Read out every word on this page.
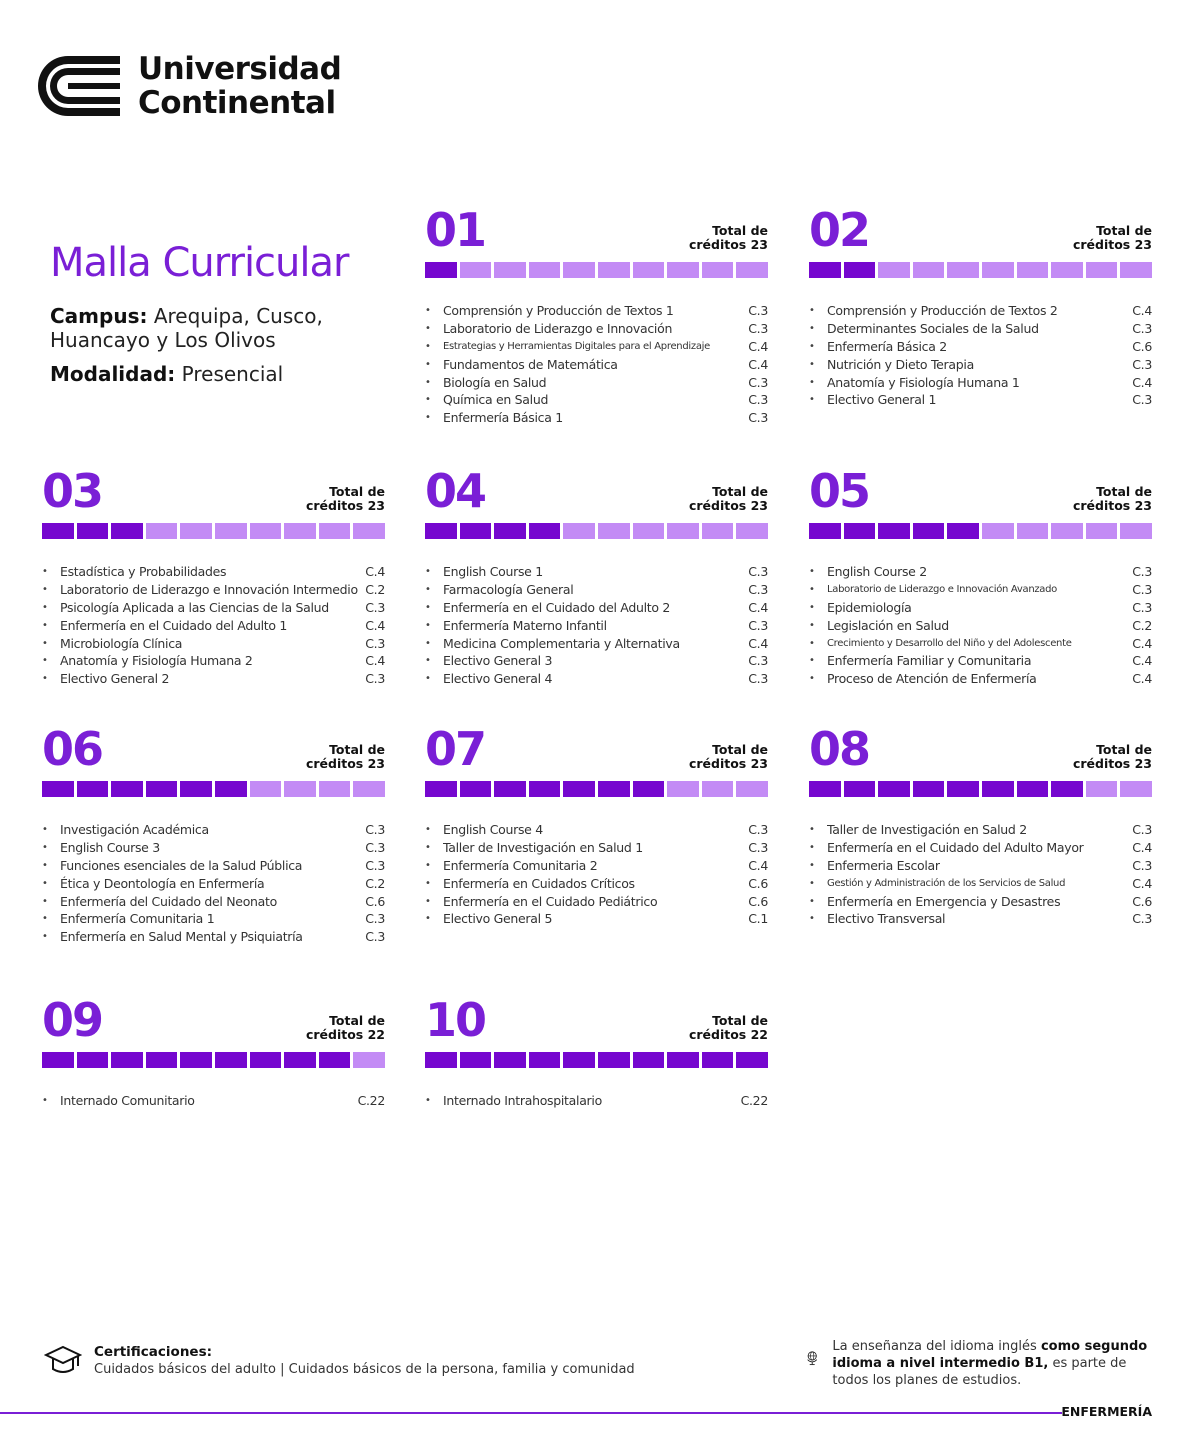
Universidad
Continental
Malla Curricular

Campus: Arequipa, Cusco, Huancayo y Los Olivos

Modalidad: Presencial

01	Total de
créditos 23
• Comprensión y Producción de Textos 1	C.3
• Laboratorio de Liderazgo e Innovación	C.3
• Estrategias y Herramientas Digitales para el Aprendizaje	C.4
• Fundamentos de Matemática	C.4
• Biología en Salud	C.3
• Química en Salud	C.3
• Enfermería Básica 1	C.3
02	Total de
créditos 23
• Comprensión y Producción de Textos 2	C.4
• Determinantes Sociales de la Salud	C.3
• Enfermería Básica 2	C.6
• Nutrición y Dieto Terapia	C.3
• Anatomía y Fisiología Humana 1	C.4
• Electivo General 1	C.3
03	Total de
créditos 23
• Estadística y Probabilidades	C.4
• Laboratorio de Liderazgo e Innovación Intermedio C.2
• Psicología Aplicada a las Ciencias de la Salud	C.3
• Enfermería en el Cuidado del Adulto 1	C.4
• Microbiología Clínica	C.3
• Anatomía y Fisiología Humana 2	C.4
• Electivo General 2	C.3
04	Total de
créditos 23
• English Course 1	C.3
• Farmacología General	C.3
• Enfermería en el Cuidado del Adulto 2	C.4
• Enfermería Materno Infantil	C.3
• Medicina Complementaria y Alternativa	C.4
• Electivo General 3	C.3
• Electivo General 4	C.3
05	Total de
créditos 23
• English Course 2	C.3
• Laboratorio de Liderazgo e Innovación Avanzado	C.3
• Epidemiología	C.3
• Legislación en Salud	C.2
• Crecimiento y Desarrollo del Niño y del Adolescente	C.4
• Enfermería Familiar y Comunitaria	C.4
• Proceso de Atención de Enfermería	C.4
06	Total de
créditos 23
• Investigación Académica	C.3
• English Course 3	C.3
• Funciones esenciales de la Salud Pública	C.3
• Ética y Deontología en Enfermería	C.2
• Enfermería del Cuidado del Neonato	C.6
• Enfermería Comunitaria 1	C.3
• Enfermería en Salud Mental y Psiquiatría	C.3
07	Total de
créditos 23
• English Course 4	C.3
• Taller de Investigación en Salud 1	C.3
• Enfermería Comunitaria 2	C.4
• Enfermería en Cuidados Críticos	C.6
• Enfermería en el Cuidado Pediátrico	C.6
• Electivo General 5	C.1
08	Total de
créditos 23
• Taller de Investigación en Salud 2	C.3
• Enfermería en el Cuidado del Adulto Mayor	C.4
• Enfermeria Escolar	C.3
• Gestión y Administración de los Servicios de Salud	C.4
• Enfermería en Emergencia y Desastres	C.6
• Electivo Transversal	C.3
09	Total de
créditos 22
• Internado Comunitario	C.22
10	Total de
créditos 22
• Internado Intrahospitalario	C.22
Certificaciones:
Cuidados básicos del adulto | Cuidados básicos de la persona, familia y comunidad
La enseñanza del idioma inglés como segundo idioma a nivel intermedio B1, es parte de todos los planes de estudios.
ENFERMERÍA
